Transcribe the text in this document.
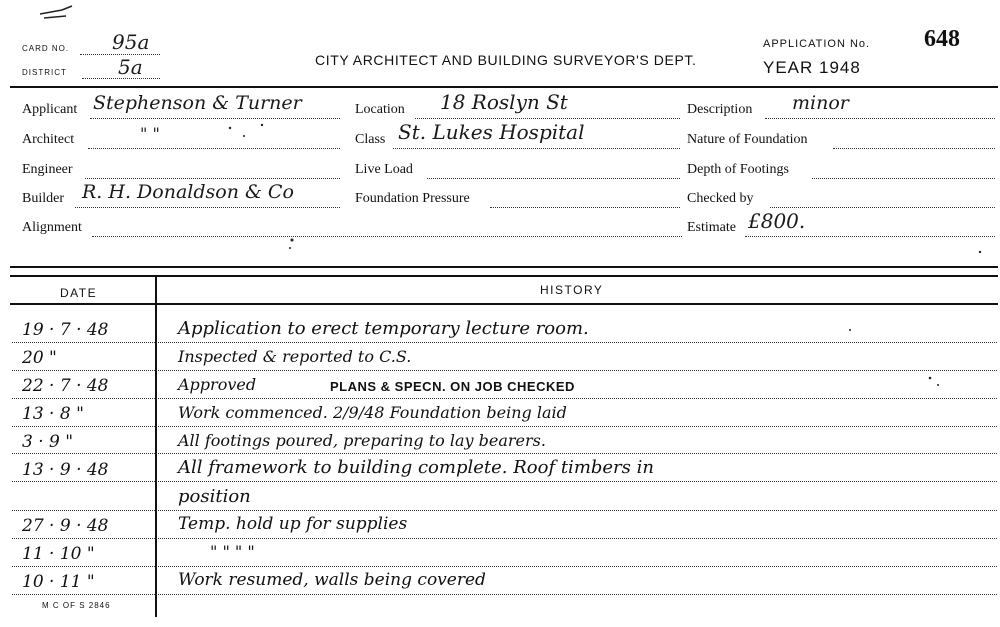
CARD NO. 95a
DISTRICT	5a	CITY ARCHITECT AND BUILDING SURVEYOR'S DEPT.
APPLICATION No. 648
YEAR 1948
Applicant Stephenson & Turner
Architect	" "
Engineer
Builder R. H. Donaldson & Co
Alignment
Location 18 Roslyn St
Class St. Lukes Hospital
Live Load
Foundation Pressure
Description minor
Nature of Foundation
Depth of Footings
Checked by
Estimate £800.
DATE	HISTORY
19 · 7 · 48	Application to erect temporary lecture room.
20 "	Inspected & reported to C.S.
22 · 7 · 48	Approved	PLANS & SPECN. ON JOB CHECKED
13 · 8 "	Work commenced. 2/9/48 Foundation being laid
3 · 9 "	All footings poured, preparing to lay bearers.
13 · 9 · 48	All framework to building complete. Roof timbers in
position
27 · 9 · 48	Temp. hold up for supplies
11 · 10 "	" " " "
10 · 11 "	Work resumed, walls being covered
M C OF S 2846
